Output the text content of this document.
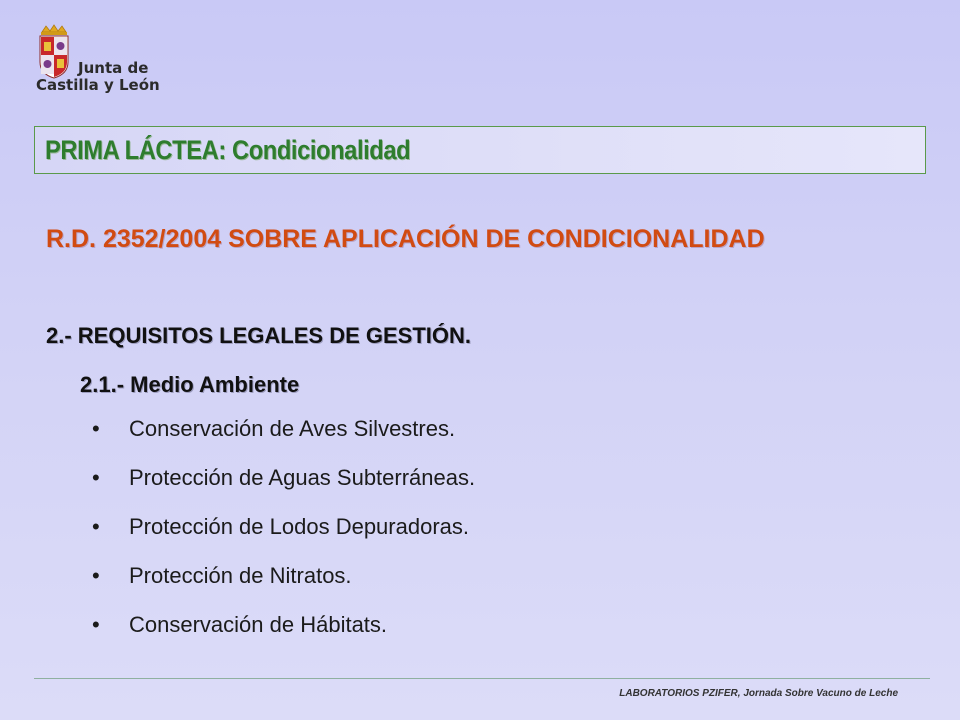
Junta de
Castilla y León
PRIMA LÁCTEA: Condicionalidad
R.D. 2352/2004 SOBRE APLICACIÓN DE CONDICIONALIDAD
2.- REQUISITOS LEGALES DE GESTIÓN.
2.1.- Medio Ambiente
•	Conservación de Aves Silvestres.
•	Protección de Aguas Subterráneas.
•	Protección de Lodos Depuradoras.
•	Protección de Nitratos.
•	Conservación de Hábitats.
LABORATORIOS PZIFER, Jornada Sobre Vacuno de Leche
